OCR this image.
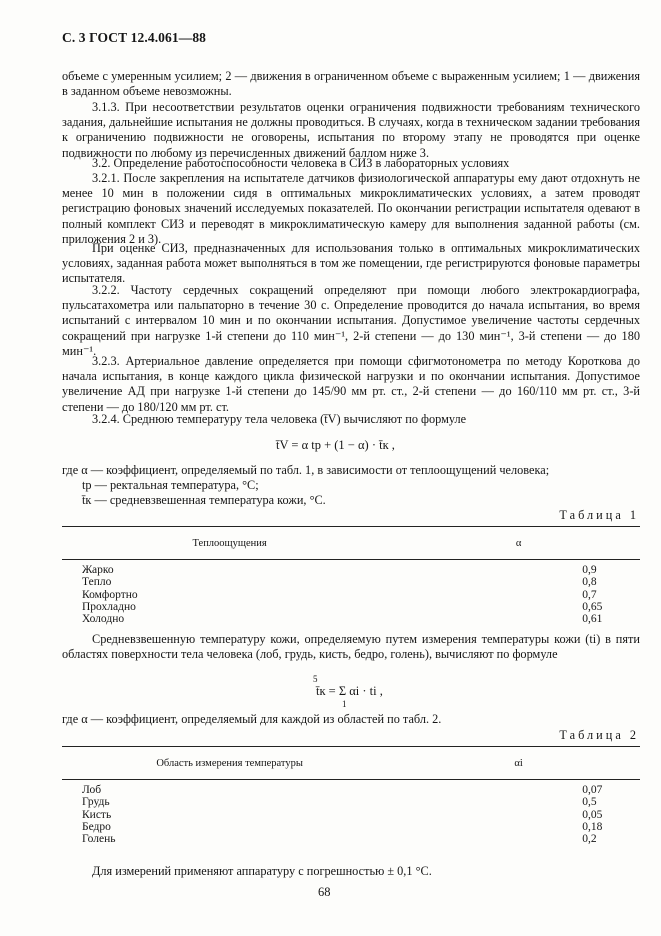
С. 3 ГОСТ 12.4.061—88
объеме с умеренным усилием; 2 — движения в ограниченном объеме с выраженным усилием; 1 — движения в заданном объеме невозможны.
3.1.3. При несоответствии результатов оценки ограничения подвижности требованиям технического задания, дальнейшие испытания не должны проводиться. В случаях, когда в техническом задании требования к ограничению подвижности не оговорены, испытания по второму этапу не проводятся при оценке подвижности по любому из перечисленных движений баллом ниже 3.
3.2. Определение работоспособности человека в СИЗ в лабораторных условиях
3.2.1. После закрепления на испытателе датчиков физиологической аппаратуры ему дают отдохнуть не менее 10 мин в положении сидя в оптимальных микроклиматических условиях, а затем проводят регистрацию фоновых значений исследуемых показателей. По окончании регистрации испытателя одевают в полный комплект СИЗ и переводят в микроклиматическую камеру для выполнения заданной работы (см. приложения 2 и 3).
При оценке СИЗ, предназначенных для использования только в оптимальных микроклиматических условиях, заданная работа может выполняться в том же помещении, где регистрируются фоновые параметры испытателя.
3.2.2. Частоту сердечных сокращений определяют при помощи любого электрокардиографа, пульсатахометра или пальпаторно в течение 30 с. Определение проводится до начала испытания, во время испытаний с интервалом 10 мин и по окончании испытания. Допустимое увеличение частоты сердечных сокращений при нагрузке 1-й степени до 110 мин⁻¹, 2-й степени — до 130 мин⁻¹, 3-й степени — до 180 мин⁻¹.
3.2.3. Артериальное давление определяется при помощи сфигмотонометра по методу Короткова до начала испытания, в конце каждого цикла физической нагрузки и по окончании испытания. Допустимое увеличение АД при нагрузке 1-й степени до 145/90 мм рт. ст., 2-й степени — до 160/110 мм рт. ст., 3-й степени — до 180/120 мм рт. ст.
3.2.4. Среднюю температуру тела человека (t̄V) вычисляют по формуле
t̄V = α tр + (1 − α) · t̄к ,
где α — коэффициент, определяемый по табл. 1, в зависимости от теплоощущений человека;
tр — ректальная температура, °С;
t̄к — средневзвешенная температура кожи, °С.
Таблица 1
Теплоощущения	α
Жарко	0,9
Тепло	0,8
Комфортно	0,7
Прохладно	0,65
Холодно	0,61
Средневзвешенную температуру кожи, определяемую путем измерения температуры кожи (ti) в пяти областях поверхности тела человека (лоб, грудь, кисть, бедро, голень), вычисляют по формуле
5
t̄к = Σ αi · ti ,
1
где α — коэффициент, определяемый для каждой из областей по табл. 2.
Таблица 2
Область измерения температуры	αi
Лоб	0,07
Грудь	0,5
Кисть	0,05
Бедро	0,18
Голень	0,2
Для измерений применяют аппаратуру с погрешностью ± 0,1 °С.
68
